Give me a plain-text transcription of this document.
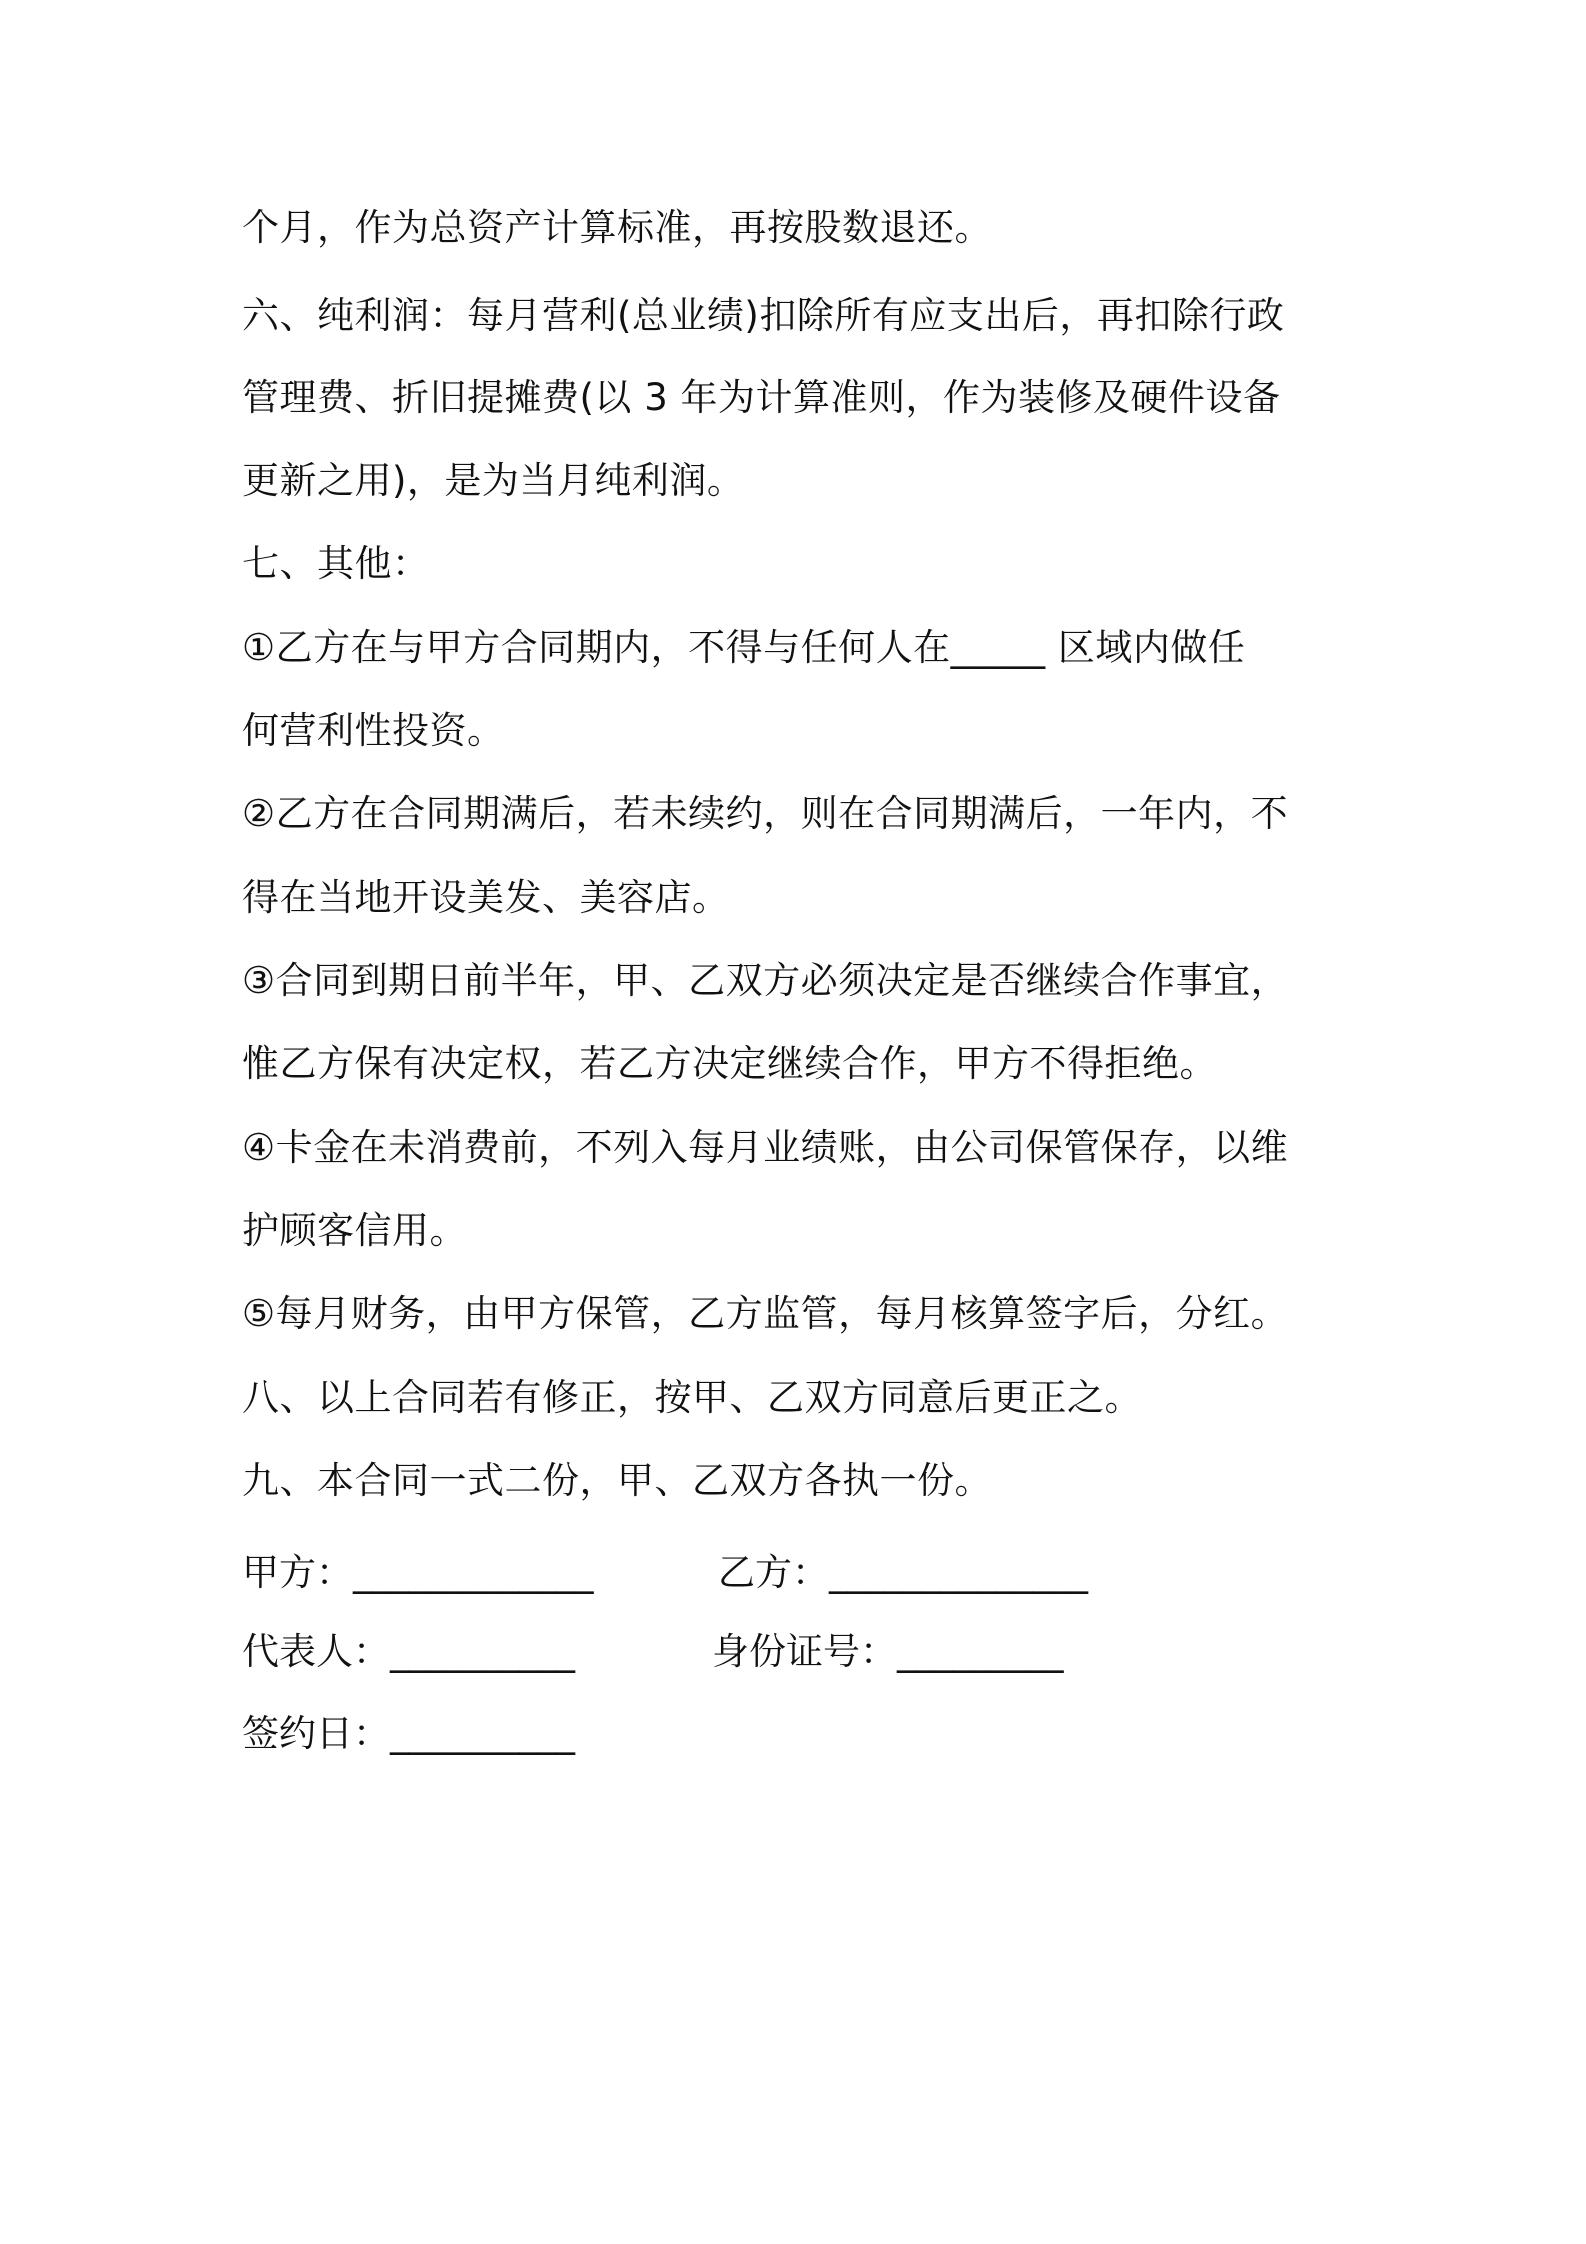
个月，作为总资产计算标准，再按股数退还。
六、纯利润：每月营利(总业绩)扣除所有应支出后，再扣除行政
管理费、折旧提摊费(以 3 年为计算准则，作为装修及硬件设备
更新之用)，是为当月纯利润。
七、其他：
①乙方在与甲方合同期内，不得与任何人在_____ 区域内做任
何营利性投资。
②乙方在合同期满后，若未续约，则在合同期满后，一年内，不
得在当地开设美发、美容店。
③合同到期日前半年，甲、乙双方必须决定是否继续合作事宜，
惟乙方保有决定权，若乙方决定继续合作，甲方不得拒绝。
④卡金在未消费前，不列入每月业绩账，由公司保管保存，以维
护顾客信用。
⑤每月财务，由甲方保管，乙方监管，每月核算签字后，分红。
八、以上合同若有修正，按甲、乙双方同意后更正之。
九、本合同一式二份，甲、乙双方各执一份。
甲方：_____________	乙方：______________
代表人：__________	身份证号：_________
签约日：__________
